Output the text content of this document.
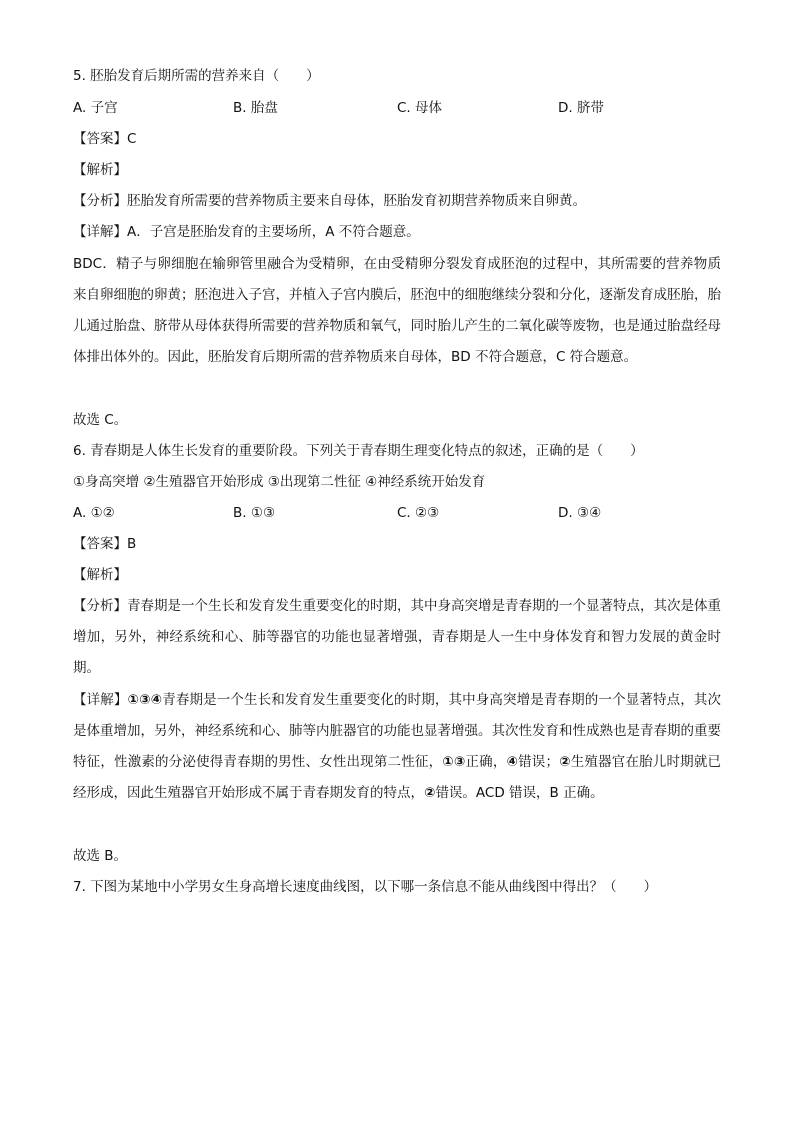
5. 胚胎发育后期所需的营养来自（　　）
A. 子宫	B. 胎盘	C. 母体	D. 脐带
【答案】C
【解析】
【分析】胚胎发育所需要的营养物质主要来自母体，胚胎发育初期营养物质来自卵黄。
【详解】A．子宫是胚胎发育的主要场所，A 不符合题意。
BDC．精子与卵细胞在输卵管里融合为受精卵，在由受精卵分裂发育成胚泡的过程中，其所需要的营养物质来自卵细胞的卵黄；胚泡进入子宫，并植入子宫内膜后，胚泡中的细胞继续分裂和分化，逐渐发育成胚胎，胎儿通过胎盘、脐带从母体获得所需要的营养物质和氧气，同时胎儿产生的二氧化碳等废物，也是通过胎盘经母体排出体外的。因此，胚胎发育后期所需的营养物质来自母体，BD 不符合题意，C 符合题意。
故选 C。
6. 青春期是人体生长发育的重要阶段。下列关于青春期生理变化特点的叙述，正确的是（　　）
①身高突增 ②生殖器官开始形成 ③出现第二性征 ④神经系统开始发育
A. ①②	B. ①③	C. ②③	D. ③④
【答案】B
【解析】
【分析】青春期是一个生长和发育发生重要变化的时期，其中身高突增是青春期的一个显著特点，其次是体重增加，另外，神经系统和心、肺等器官的功能也显著增强，青春期是人一生中身体发育和智力发展的黄金时期。
【详解】①③④青春期是一个生长和发育发生重要变化的时期，其中身高突增是青春期的一个显著特点，其次是体重增加，另外，神经系统和心、肺等内脏器官的功能也显著增强。其次性发育和性成熟也是青春期的重要特征，性激素的分泌使得青春期的男性、女性出现第二性征，①③正确，④错误；②生殖器官在胎儿时期就已经形成，因此生殖器官开始形成不属于青春期发育的特点，②错误。ACD 错误，B 正确。
故选 B。
7. 下图为某地中小学男女生身高增长速度曲线图，以下哪一条信息不能从曲线图中得出？（　　）
